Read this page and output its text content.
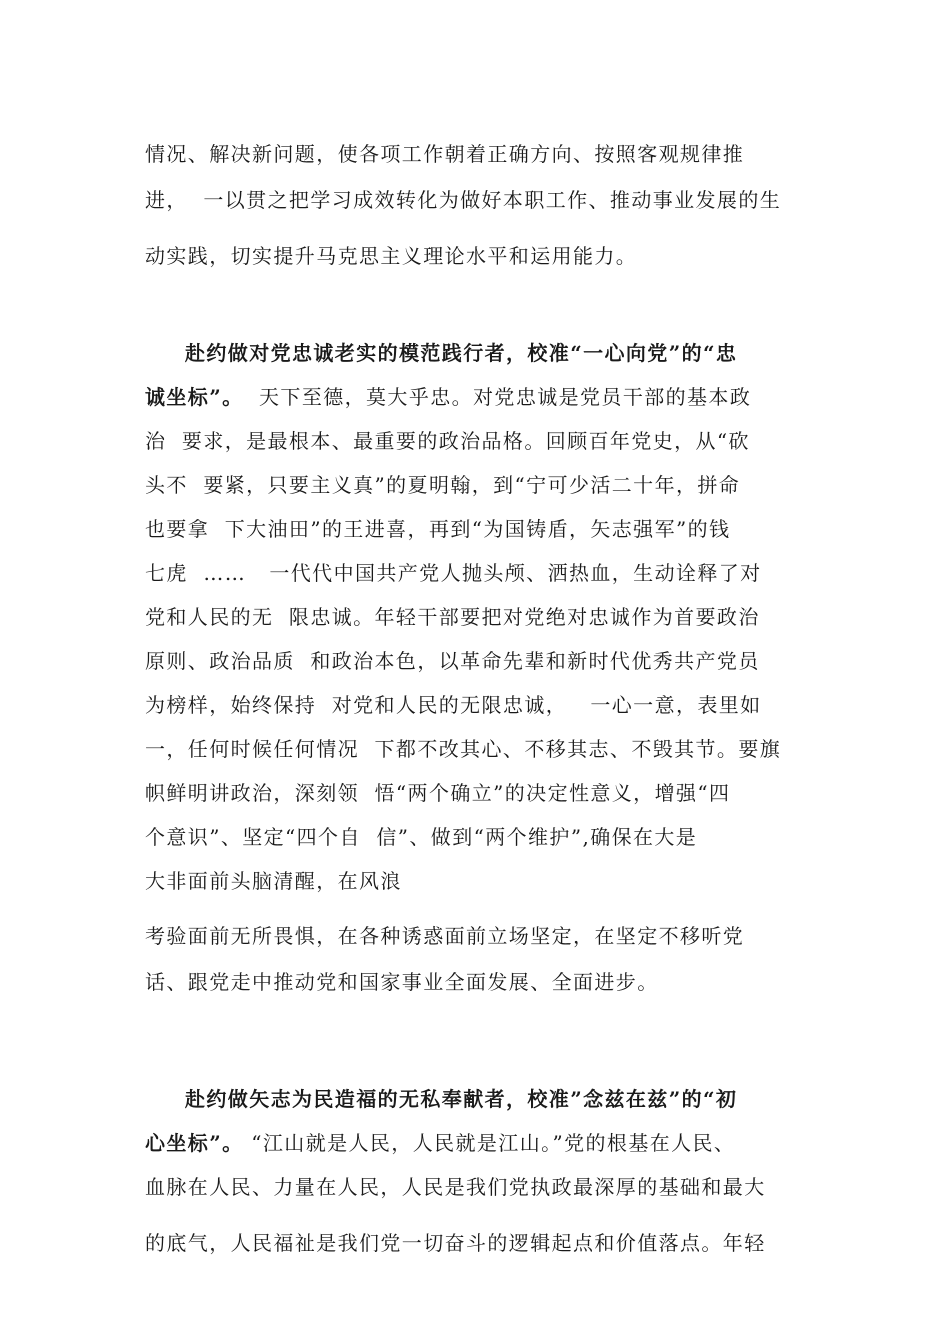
情况、解决新问题，使各项工作朝着正确方向、按照客观规律推
进，  一以贯之把学习成效转化为做好本职工作、推动事业发展的生
动实践，切实提升马克思主义理论水平和运用能力。
赴约做对党忠诚老实的模范践行者，校准“一心向党”的“忠
诚坐标”。  天下至德，莫大乎忠。对党忠诚是党员干部的基本政
治  要求，是最根本、最重要的政治品格。回顾百年党史，从“砍
头不  要紧，只要主义真”的夏明翰，到“宁可少活二十年，拼命
也要拿  下大油田”的王进喜，再到“为国铸盾，矢志强军”的钱
七虎  ……   一代代中国共产党人抛头颅、洒热血，生动诠释了对
党和人民的无  限忠诚。年轻干部要把对党绝对忠诚作为首要政治
原则、政治品质  和政治本色，以革命先辈和新时代优秀共产党员
为榜样，始终保持  对党和人民的无限忠诚，   一心一意，表里如
一，任何时候任何情况  下都不改其心、不移其志、不毁其节。要旗
帜鲜明讲政治，深刻领  悟“两个确立”的决定性意义，增强“四
个意识”、坚定“四个自  信”、做到“两个维护”,确保在大是
大非面前头脑清醒，在风浪
考验面前无所畏惧，在各种诱惑面前立场坚定，在坚定不移听党
话、跟党走中推动党和国家事业全面发展、全面进步。
赴约做矢志为民造福的无私奉献者，校准”念兹在兹”的“初
心坐标”。 “江山就是人民，人民就是江山。”党的根基在人民、
血脉在人民、力量在人民，人民是我们党执政最深厚的基础和最大
的底气，人民福祉是我们党一切奋斗的逻辑起点和价值落点。年轻
